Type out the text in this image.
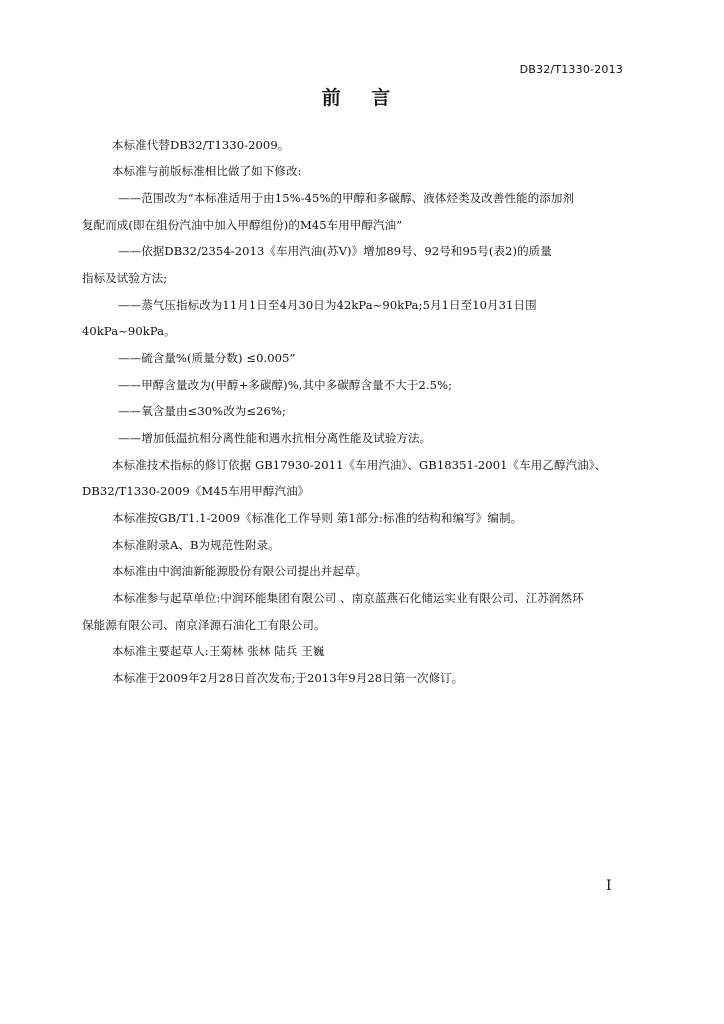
DB32/T1330-2013
前 言
本标准代替DB32/T1330-2009。
本标准与前版标准相比做了如下修改:
——范围改为“本标准适用于由15%-45%的甲醇和多碳醇、液体烃类及改善性能的添加剂
复配而成(即在组份汽油中加入甲醇组份)的M45车用甲醇汽油”
——依据DB32/2354-2013《车用汽油(苏V)》增加89号、92号和95号(表2)的质量
指标及试验方法;
——蒸气压指标改为11月1日至4月30日为42kPa~90kPa;5月1日至10月31日围
40kPa~90kPa。
——硫含量%(质量分数) ≤0.005”
——甲醇含量改为(甲醇+多碳醇)%,其中多碳醇含量不大于2.5%;
——氧含量由≤30%改为≤26%;
——增加低温抗相分离性能和遇水抗相分离性能及试验方法。
本标准技术指标的修订依据 GB17930-2011《车用汽油》、GB18351-2001《车用乙醇汽油》、
DB32/T1330-2009《M45车用甲醇汽油》
本标准按GB/T1.1-2009《标准化工作导则 第1部分:标准的结构和编写》编制。
本标准附录A、B为规范性附录。
本标准由中润油新能源股份有限公司提出并起草。
本标准参与起草单位:中润环能集团有限公司 、南京蓝燕石化储运实业有限公司、江苏润然环
保能源有限公司、南京泽源石油化工有限公司。
本标准主要起草人:王菊林 张林 陆兵 王巍
本标准于2009年2月28日首次发布;于2013年9月28日第一次修订。
I
